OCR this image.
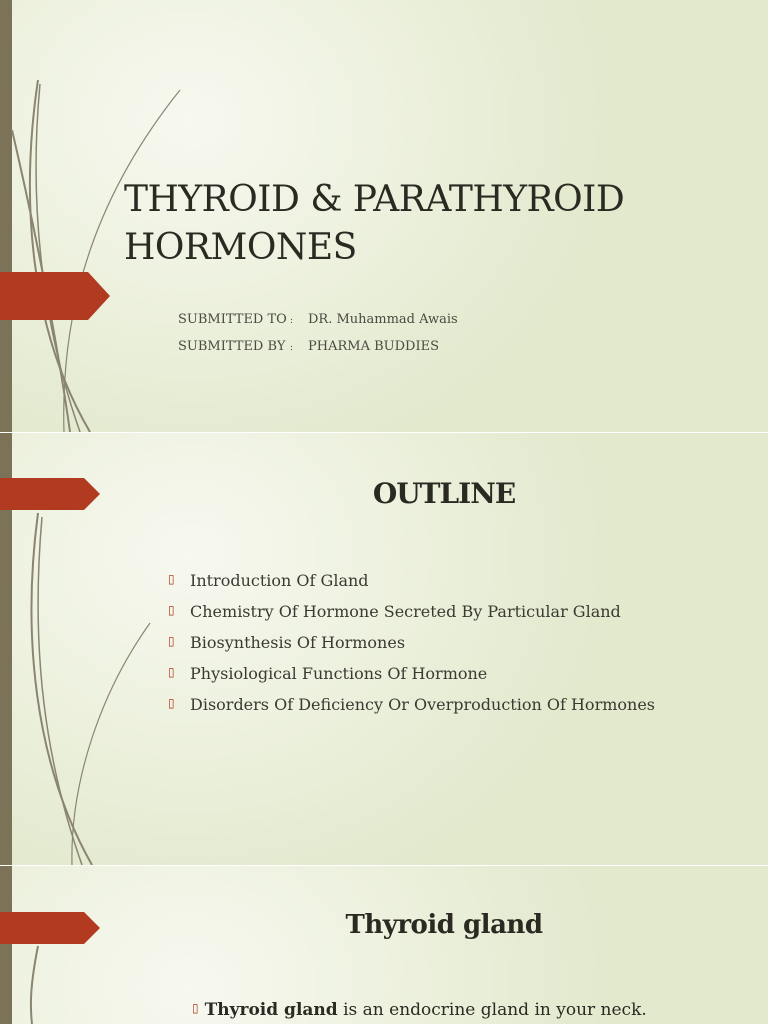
THYROID & PARATHYROID
HORMONES
SUBMITTED TO : DR. Muhammad Awais
SUBMITTED BY : PHARMA BUDDIES
OUTLINE
▯ Introduction Of Gland
▯ Chemistry Of Hormone Secreted By Particular Gland
▯ Biosynthesis Of Hormones
▯ Physiological Functions Of Hormone
▯ Disorders Of Deficiency Or Overproduction Of Hormones
Thyroid gland
▯ Thyroid gland is an endocrine gland in your neck.
